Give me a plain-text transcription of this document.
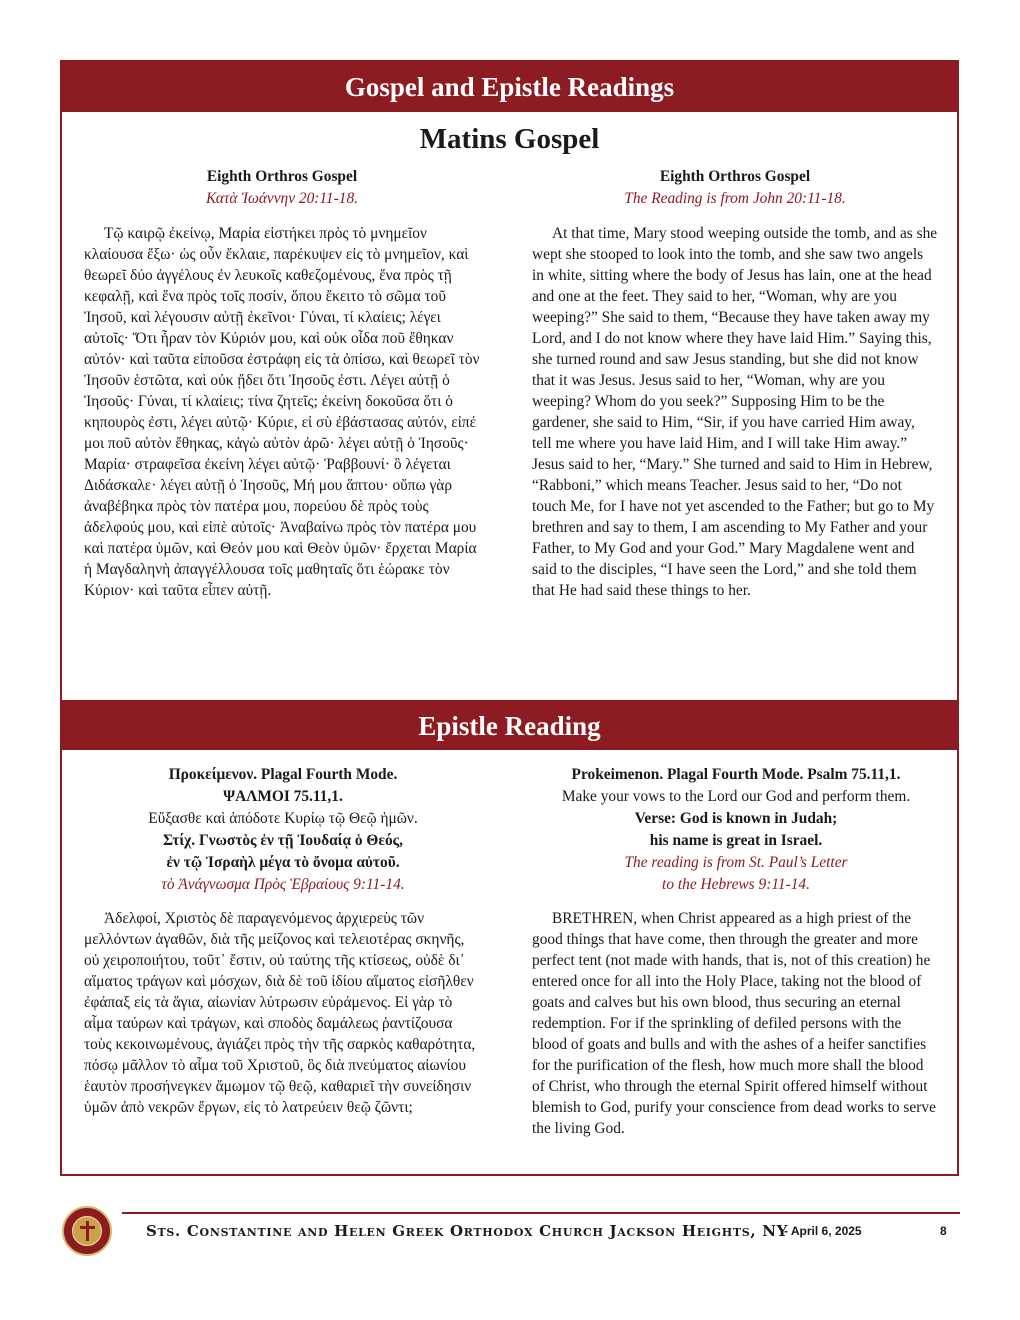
Gospel and Epistle Readings
Matins Gospel
Eighth Orthros Gospel
Κατὰ Ἰωάννην 20:11-18.
Τῷ καιρῷ ἐκείνῳ, Μαρία εἱστήκει πρὸς τὸ μνημεῖον κλαίουσα ἔξω· ὡς οὖν ἔκλαιε, παρέκυψεν εἰς τὸ μνημεῖον, καὶ θεωρεῖ δύο ἀγγέλους ἐν λευκοῖς καθεζομένους, ἕνα πρὸς τῇ κεφαλῇ, καὶ ἕνα πρὸς τοῖς ποσίν, ὅπου ἔκειτο τὸ σῶμα τοῦ Ἰησοῦ, καὶ λέγουσιν αὐτῇ ἐκεῖνοι· Γύναι, τί κλαίεις; λέγει αὐτοῖς· Ὅτι ἦραν τὸν Κύριόν μου, καὶ οὐκ οἶδα ποῦ ἔθηκαν αὐτόν· καὶ ταῦτα εἰποῦσα ἐστράφη εἰς τὰ ὀπίσω, καὶ θεωρεῖ τὸν Ἰησοῦν ἑστῶτα, καὶ οὐκ ᾔδει ὅτι Ἰησοῦς ἐστι. Λέγει αὐτῇ ὁ Ἰησοῦς· Γύναι, τί κλαίεις; τίνα ζητεῖς; ἐκείνη δοκοῦσα ὅτι ὁ κηπουρὸς ἐστι, λέγει αὐτῷ· Κύριε, εἰ σὺ ἐβάστασας αὐτόν, εἰπέ μοι ποῦ αὐτὸν ἔθηκας, κἀγὼ αὐτὸν ἀρῶ· λέγει αὐτῇ ὁ Ἰησοῦς· Μαρία· στραφεῖσα ἐκείνη λέγει αὐτῷ· Ῥαββουνί· ὃ λέγεται Διδάσκαλε· λέγει αὐτῇ ὁ Ἰησοῦς, Μή μου ἅπτου· οὔπω γὰρ ἀναβέβηκα πρὸς τὸν πατέρα μου, πορεύου δὲ πρὸς τοὺς ἀδελφούς μου, καὶ εἰπὲ αὐτοῖς· Ἀναβαίνω πρὸς τὸν πατέρα μου καὶ πατέρα ὑμῶν, καὶ Θεόν μου καὶ Θεὸν ὑμῶν· ἔρχεται Μαρία ἡ Μαγδαληνὴ ἀπαγγέλλουσα τοῖς μαθηταῖς ὅτι ἑώρακε τὸν Κύριον· καὶ ταῦτα εἶπεν αὐτῇ.
Eighth Orthros Gospel
The Reading is from John 20:11-18.
At that time, Mary stood weeping outside the tomb, and as she wept she stooped to look into the tomb, and she saw two angels in white, sitting where the body of Jesus has lain, one at the head and one at the feet. They said to her, “Woman, why are you weeping?” She said to them, “Because they have taken away my Lord, and I do not know where they have laid Him.” Saying this, she turned round and saw Jesus standing, but she did not know that it was Jesus. Jesus said to her, “Woman, why are you weeping? Whom do you seek?” Supposing Him to be the gardener, she said to Him, “Sir, if you have carried Him away, tell me where you have laid Him, and I will take Him away.” Jesus said to her, “Mary.” She turned and said to Him in Hebrew, “Rabboni,” which means Teacher. Jesus said to her, “Do not touch Me, for I have not yet ascended to the Father; but go to My brethren and say to them, I am ascending to My Father and your Father, to My God and your God.” Mary Magdalene went and said to the disciples, “I have seen the Lord,” and she told them that He had said these things to her.
Epistle Reading
Προκείμενον. Plagal Fourth Mode.
ΨΑΛΜΟΙ 75.11,1.
Εὔξασθε καὶ ἀπόδοτε Κυρίῳ τῷ Θεῷ ἡμῶν.
Στίχ. Γνωστὸς ἐν τῇ Ἰουδαίᾳ ὁ Θεός,
ἐν τῷ Ἰσραὴλ μέγα τὸ ὄνομα αὐτοῦ.
τὸ Ἀνάγνωσμα Πρὸς Ἑβραίους 9:11-14.
Ἀδελφοί, Χριστὸς δὲ παραγενόμενος ἀρχιερεὺς τῶν μελλόντων ἀγαθῶν, διὰ τῆς μείζονος καὶ τελειοτέρας σκηνῆς, οὐ χειροποιήτου, τοῦτ᾽ ἔστιν, οὐ ταύτης τῆς κτίσεως, οὐδὲ δι᾽ αἵματος τράγων καὶ μόσχων, διὰ δὲ τοῦ ἰδίου αἵματος εἰσῆλθεν ἐφάπαξ εἰς τὰ ἅγια, αἰωνίαν λύτρωσιν εὑράμενος. Εἰ γὰρ τὸ αἷμα ταύρων καὶ τράγων, καὶ σποδὸς δαμάλεως ῥαντίζουσα τοὺς κεκοινωμένους, ἁγιάζει πρὸς τὴν τῆς σαρκὸς καθαρότητα, πόσῳ μᾶλλον τὸ αἷμα τοῦ Χριστοῦ, ὃς διὰ πνεύματος αἰωνίου ἑαυτὸν προσήνεγκεν ἄμωμον τῷ θεῷ, καθαριεῖ τὴν συνείδησιν ὑμῶν ἀπὸ νεκρῶν ἔργων, εἰς τὸ λατρεύειν θεῷ ζῶντι;
Prokeimenon. Plagal Fourth Mode. Psalm 75.11,1.
Make your vows to the Lord our God and perform them.
Verse: God is known in Judah;
his name is great in Israel.
The reading is from St. Paul’s Letter
to the Hebrews 9:11-14.
BRETHREN, when Christ appeared as a high priest of the good things that have come, then through the greater and more perfect tent (not made with hands, that is, not of this creation) he entered once for all into the Holy Place, taking not the blood of goats and calves but his own blood, thus securing an eternal redemption. For if the sprinkling of defiled persons with the blood of goats and bulls and with the ashes of a heifer sanctifies for the purification of the flesh, how much more shall the blood of Christ, who through the eternal Spirit offered himself without blemish to God, purify your conscience from dead works to serve the living God.
Sts. Constantine and Helen Greek Orthodox Church Jackson Heights, NY
- April 6, 2025	8
